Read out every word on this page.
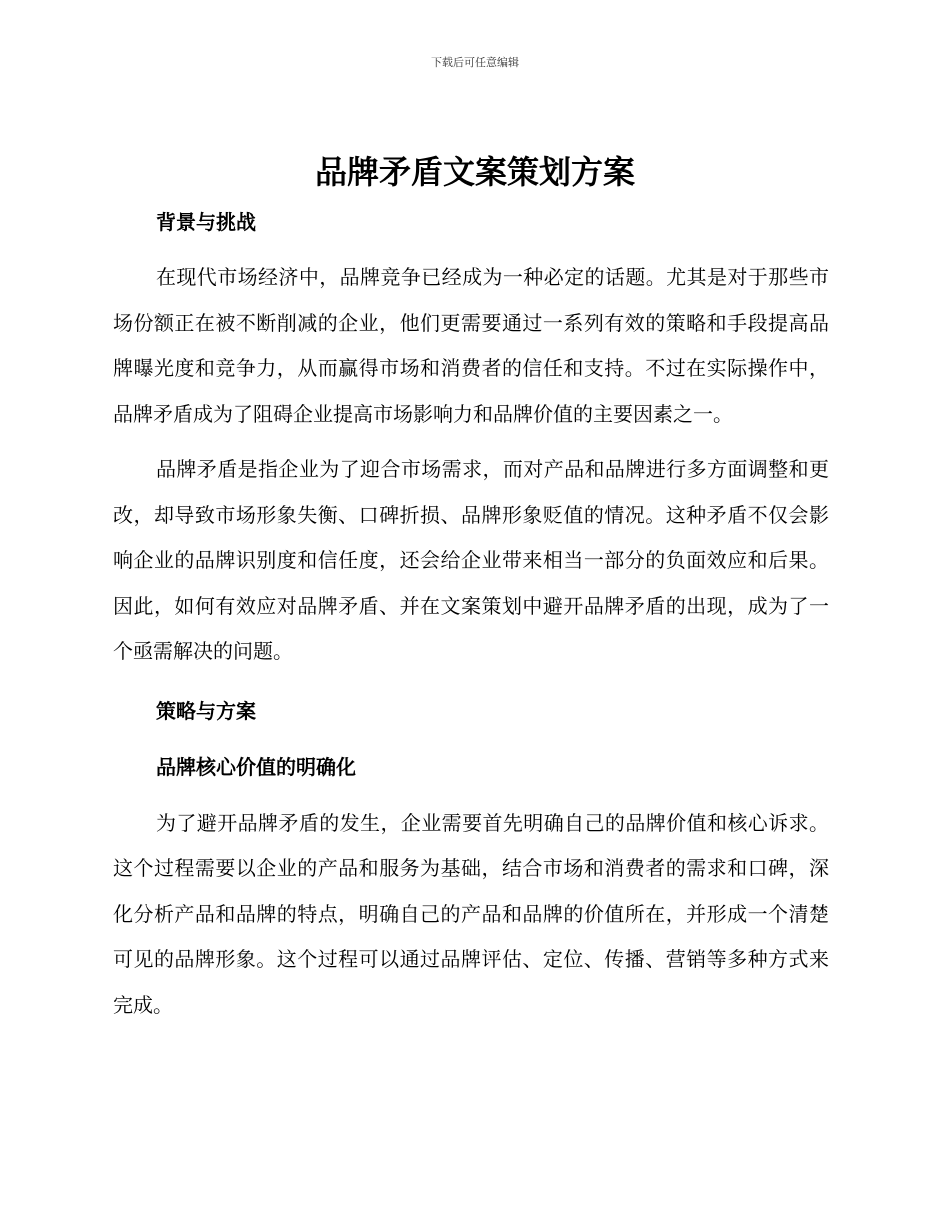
下载后可任意编辑
品牌矛盾文案策划方案
背景与挑战

在现代市场经济中，品牌竞争已经成为一种必定的话题。尤其是对于那些市场份额正在被不断削减的企业，他们更需要通过一系列有效的策略和手段提高品牌曝光度和竞争力，从而赢得市场和消费者的信任和支持。不过在实际操作中，品牌矛盾成为了阻碍企业提高市场影响力和品牌价值的主要因素之一。

品牌矛盾是指企业为了迎合市场需求，而对产品和品牌进行多方面调整和更改，却导致市场形象失衡、口碑折损、品牌形象贬值的情况。这种矛盾不仅会影响企业的品牌识别度和信任度，还会给企业带来相当一部分的负面效应和后果。因此，如何有效应对品牌矛盾、并在文案策划中避开品牌矛盾的出现，成为了一个亟需解决的问题。

策略与方案
品牌核心价值的明确化

为了避开品牌矛盾的发生，企业需要首先明确自己的品牌价值和核心诉求。这个过程需要以企业的产品和服务为基础，结合市场和消费者的需求和口碑，深化分析产品和品牌的特点，明确自己的产品和品牌的价值所在，并形成一个清楚可见的品牌形象。这个过程可以通过品牌评估、定位、传播、营销等多种方式来完成。
